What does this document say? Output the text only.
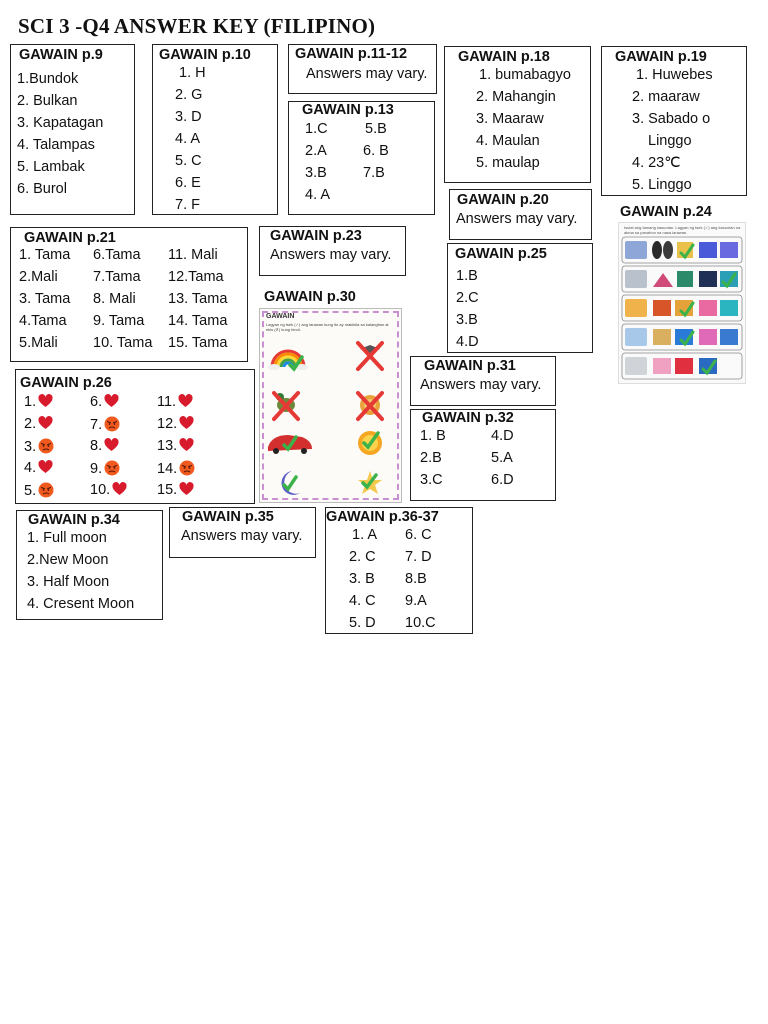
SCI 3 -Q4 ANSWER KEY (FILIPINO)
GAWAIN p.9
1.Bundok
2. Bulkan
3. Kapatagan
4. Talampas
5. Lambak
6. Burol
GAWAIN p.10
1. H
2. G
3. D
4. A
5. C
6. E
7. F
GAWAIN p.11-12
Answers may vary.
GAWAIN p.13
1.C
2.A
3.B
4. A
5.B
6. B
7.B
GAWAIN p.18
1. bumabagyo
2. Mahangin
3. Maaraw
4. Maulan
5. maulap
GAWAIN p.19
1. Huwebes
2. maaraw
3. Sabado o
Linggo
4. 23℃
5. Linggo
GAWAIN p.20
Answers may vary.	GAWAIN p.24
Isulat ang tamang kasuotan. Lagyan ng tsek (✓) ang kasuotan na akma sa panahon na nasa larawan.
GAWAIN p.21
1. Tama
2.Mali
3. Tama
4.Tama
5.Mali
6.Tama
7.Tama
8. Mali
9. Tama
10. Tama
11. Mali
12.Tama
13. Tama
14. Tama
15. Tama
GAWAIN p.23
Answers may vary.	GAWAIN p.25
1.B
2.C
3.B
4.D
GAWAIN p.30
GAWAIN
Lagyan ng tsek (✓) ang larawan kung ito ay makikita sa kalangitan at ekis (✗) kung hindi.
GAWAIN p.31
Answers may vary.
GAWAIN p.26
1.
2.
3.
4.
5.
6.
7.
8.
9.
10.
11.
12.
13.
14.
15.
GAWAIN p.32
1. B
2.B
3.C
4.D
5.A
6.D
GAWAIN p.34
1. Full moon
2.New Moon
3. Half Moon
4. Cresent Moon
GAWAIN p.35
Answers may vary.
GAWAIN p.36-37
1. A
2. C
3. B
4. C
5. D
6. C
7. D
8.B
9.A
10.C
